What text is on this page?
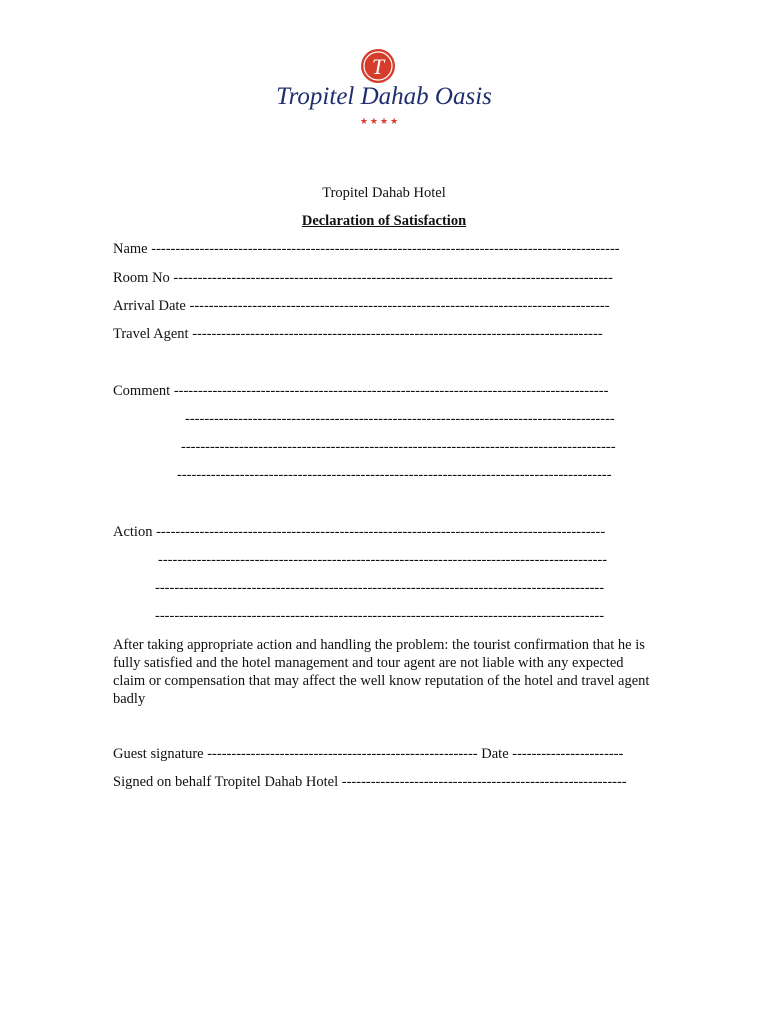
T
Tropitel Dahab Oasis
★★★★
Tropitel Dahab Hotel
Declaration of Satisfaction
Name -------------------------------------------------------------------------------------------------
Room No -------------------------------------------------------------------------------------------
Arrival Date ---------------------------------------------------------------------------------------
Travel Agent -------------------------------------------------------------------------------------
Comment ------------------------------------------------------------------------------------------
-----------------------------------------------------------------------------------------
------------------------------------------------------------------------------------------
------------------------------------------------------------------------------------------
Action ---------------------------------------------------------------------------------------------
---------------------------------------------------------------------------------------------
---------------------------------------------------------------------------------------------
---------------------------------------------------------------------------------------------
After taking appropriate action and handling the problem: the tourist confirmation that he is fully satisfied and the hotel management and tour agent are not liable with any expected claim or compensation that may affect the well know reputation of the hotel and travel agent badly
Guest signature -------------------------------------------------------- Date -----------------------
Signed on behalf Tropitel Dahab Hotel -----------------------------------------------------------
